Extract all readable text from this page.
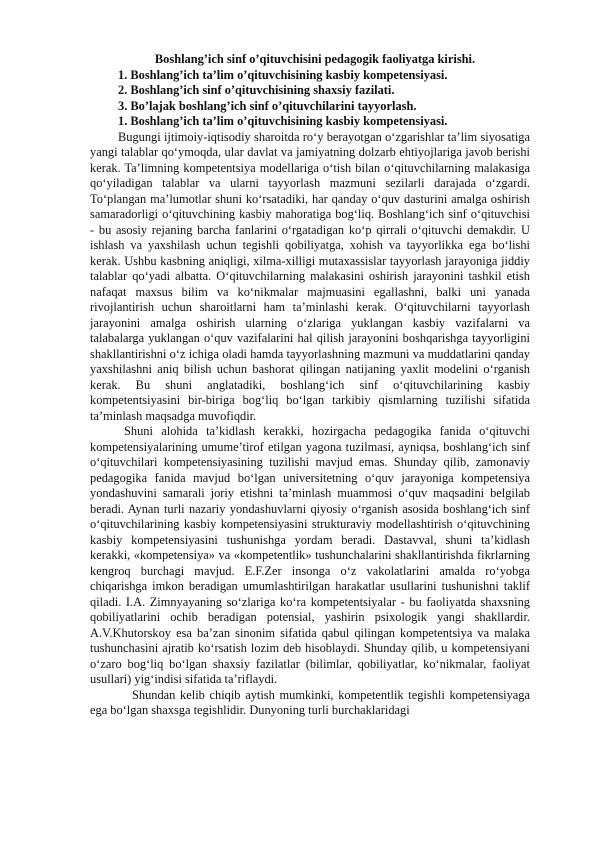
Boshlang’ich sinf o’qituvchisini pedagogik faoliyatga kirishi.

1. Boshlang’ich ta’lim o’qituvchisining kasbiy kompetensiyasi.
2. Boshlang’ich sinf o’qituvchisining shaxsiy fazilati.
3. Bo’lajak boshlang’ich sinf o’qituvchilarini tayyorlash.
1. Boshlang’ich ta’lim o’qituvchisining kasbiy kompetensiyasi.

Bugungi ijtimoiy-iqtisodiy sharoitda ro‘y berayotgan o‘zgarishlar ta’lim siyosatiga yangi talablar qo‘ymoqda, ular davlat va jamiyatning dolzarb ehtiyojlariga javob berishi kerak. Ta’limning kompetentsiya modellariga o‘tish bilan o‘qituvchilarning malakasiga qo‘yiladigan talablar va ularni tayyorlash mazmuni sezilarli darajada o‘zgardi. To‘plangan ma’lumotlar shuni ko‘rsatadiki, har qanday o‘quv dasturini amalga oshirish samaradorligi o‘qituvchining kasbiy mahoratiga bog‘liq. Boshlang‘ich sinf o‘qituvchisi - bu asosiy rejaning barcha fanlarini o‘rgatadigan ko‘p qirrali o‘qituvchi demakdir. U ishlash va yaxshilash uchun tegishli qobiliyatga, xohish va tayyorlikka ega bo‘lishi kerak. Ushbu kasbning aniqligi, xilma-xilligi mutaxassislar tayyorlash jarayoniga jiddiy talablar qo‘yadi albatta. O‘qituvchilarning malakasini oshirish jarayonini tashkil etish nafaqat maxsus bilim va ko‘nikmalar majmuasini egallashni, balki uni yanada rivojlantirish uchun sharoitlarni ham ta’minlashi kerak. O‘qituvchilarni tayyorlash jarayonini amalga oshirish ularning o‘zlariga yuklangan kasbiy vazifalarni va talabalarga yuklangan o‘quv vazifalarini hal qilish jarayonini boshqarishga tayyorligini shakllantirishni o‘z ichiga oladi hamda tayyorlashning mazmuni va muddatlarini qanday yaxshilashni aniq bilish uchun bashorat qilingan natijaning yaxlit modelini o‘rganish kerak. Bu shuni anglatadiki, boshlang‘ich sinf o‘qituvchilarining kasbiy kompetentsiyasini bir-biriga bog‘liq bo‘lgan tarkibiy qismlarning tuzilishi sifatida ta’minlash maqsadga muvofiqdir.

Shuni alohida ta’kidlash kerakki, hozirgacha pedagogika fanida o‘qituvchi kompetensiyalarining umume’tirof etilgan yagona tuzilmasi, ayniqsa, boshlang‘ich sinf o‘qituvchilari kompetensiyasining tuzilishi mavjud emas. Shunday qilib, zamonaviy pedagogika fanida mavjud bo‘lgan universitetning o‘quv jarayoniga kompetensiya yondashuvini samarali joriy etishni ta’minlash muammosi o‘quv maqsadini belgilab beradi. Aynan turli nazariy yondashuvlarni qiyosiy o‘rganish asosida boshlang‘ich sinf o‘qituvchilarining kasbiy kompetensiyasini strukturaviy modellashtirish o‘qituvchining kasbiy kompetensiyasini tushunishga yordam beradi. Dastavval, shuni ta’kidlash kerakki, «kompetensiya» va «kompetentlik» tushunchalarini shakllantirishda fikrlarning kengroq burchagi mavjud. E.F.Zer insonga o‘z vakolatlarini amalda ro‘yobga chiqarishga imkon beradigan umumlashtirilgan harakatlar usullarini tushunishni taklif qiladi. I.A. Zimnyayaning so‘zlariga ko‘ra kompetentsiyalar - bu faoliyatda shaxsning qobiliyatlarini ochib beradigan potensial, yashirin psixologik yangi shakllardir. A.V.Khutorskoy esa ba’zan sinonim sifatida qabul qilingan kompetentsiya va malaka tushunchasini ajratib ko‘rsatish lozim deb hisoblaydi. Shunday qilib, u kompetensiyani o‘zaro bog‘liq bo‘lgan shaxsiy fazilatlar (bilimlar, qobiliyatlar, ko‘nikmalar, faoliyat usullari) yig‘indisi sifatida ta’riflaydi.

Shundan kelib chiqib aytish mumkinki, kompetentlik tegishli kompetensiyaga ega bo‘lgan shaxsga tegishlidir. Dunyoning turli burchaklaridagi
